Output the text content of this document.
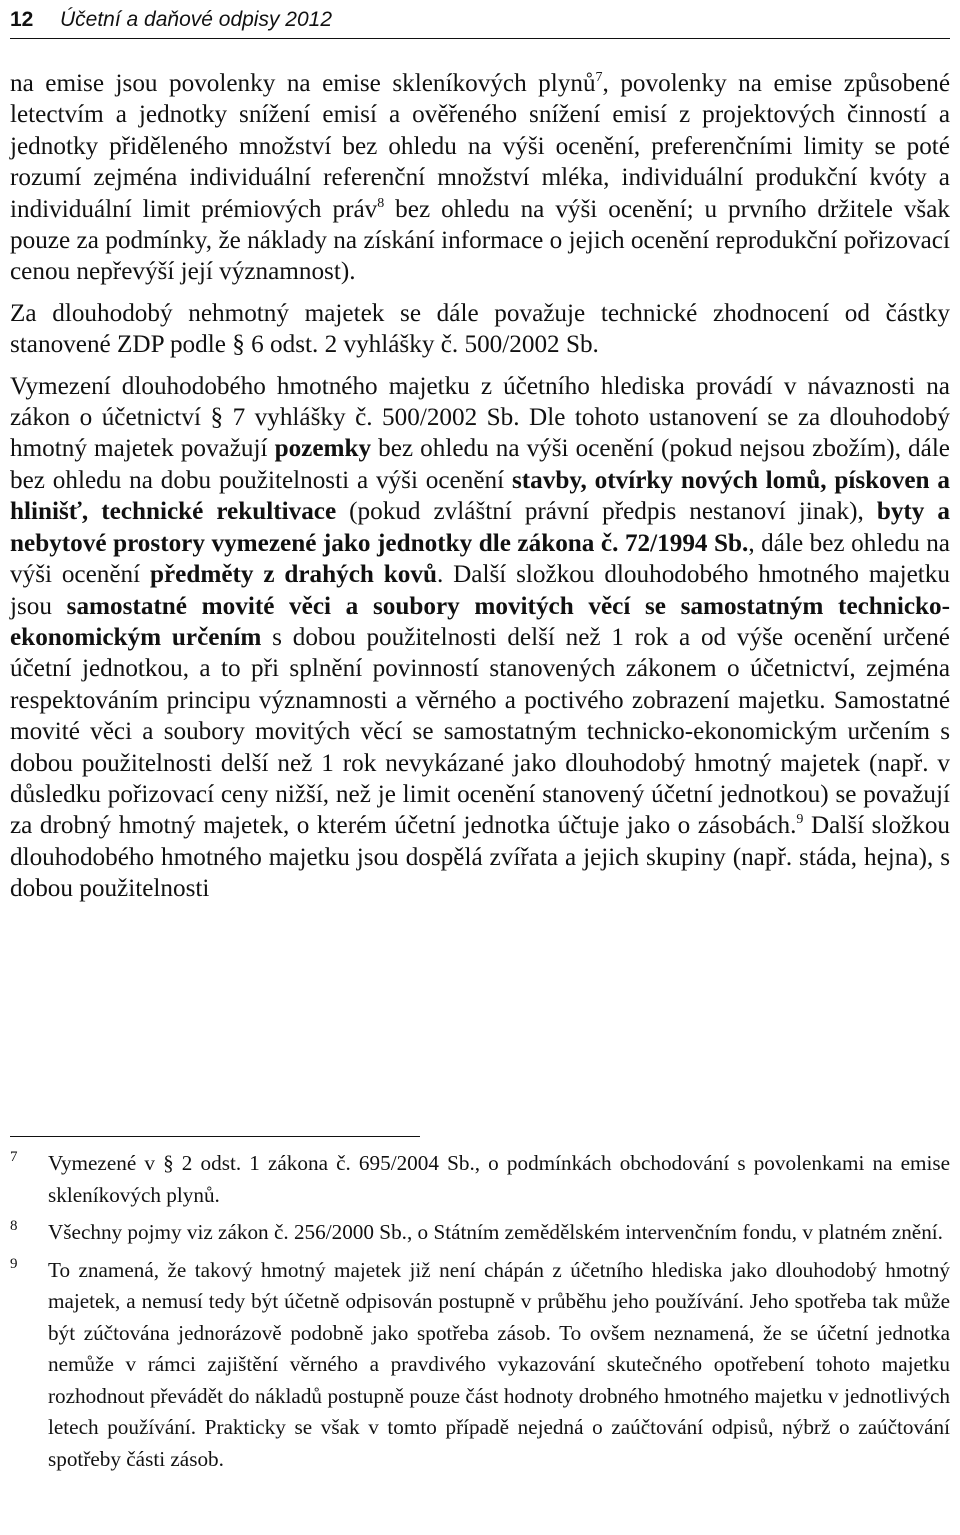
12 Účetní a daňové odpisy 2012

na emise jsou povolenky na emise skleníkových plynů$^7$, povolenky na emise způsobené letectvím a jednotky snížení emisí a ověřeného snížení emisí z projektových činností a jednotky přiděleného množství bez ohledu na výši ocenění, preferenčními limity se poté rozumí zejména individuální referenční množství mléka, individuální produkční kvóty a individuální limit prémiových práv$^8$ bez ohledu na výši ocenění; u prvního držitele však pouze za podmínky, že náklady na získání informace o jejich ocenění reprodukční pořizovací cenou nepřevýší její významnost).

Za dlouhodobý nehmotný majetek se dále považuje technické zhodnocení od částky stanovené ZDP podle § 6 odst. 2 vyhlášky č. 500/2002 Sb.

Vymezení dlouhodobého hmotného majetku z účetního hlediska provádí v návaznosti na zákon o účetnictví § 7 vyhlášky č. 500/2002 Sb. Dle tohoto ustanovení se za dlouhodobý hmotný majetek považují pozemky bez ohledu na výši ocenění (pokud nejsou zbožím), dále bez ohledu na dobu použitelnosti a výši ocenění stavby, otvírky nových lomů, pískoven a hlinišť, technické rekultivace (pokud zvláštní právní předpis nestanoví jinak), byty a nebytové prostory vymezené jako jednotky dle zákona č. 72/1994 Sb., dále bez ohledu na výši ocenění předměty z drahých kovů. Další složkou dlouhodobého hmotného majetku jsou samostatné movité věci a soubory movitých věcí se samostatným technicko-ekonomickým určením s dobou použitelnosti delší než 1 rok a od výše ocenění určené účetní jednotkou, a to při splnění povinností stanovených zákonem o účetnictví, zejména respektováním principu významnosti a věrného a poctivého zobrazení majetku. Samostatné movité věci a soubory movitých věcí se samostatným technicko-ekonomickým určením s dobou použitelnosti delší než 1 rok nevykázané jako dlouhodobý hmotný majetek (např. v důsledku pořizovací ceny nižší, než je limit ocenění stanovený účetní jednotkou) se považují za drobný hmotný majetek, o kterém účetní jednotka účtuje jako o zásobách.$^9$ Další složkou dlouhodobého hmotného majetku jsou dospělá zvířata a jejich skupiny (např. stáda, hejna), s dobou použitelnosti

7 Vymezené v § 2 odst. 1 zákona č. 695/2004 Sb., o podmínkách obchodování s povolenkami na emise skleníkových plynů.
8 Všechny pojmy viz zákon č. 256/2000 Sb., o Státním zemědělském intervenčním fondu, v platném znění.
9 To znamená, že takový hmotný majetek již není chápán z účetního hlediska jako dlouhodobý hmotný majetek, a nemusí tedy být účetně odpisován postupně v průběhu jeho používání. Jeho spotřeba tak může být zúčtována jednorázově podobně jako spotřeba zásob. To ovšem neznamená, že se účetní jednotka nemůže v rámci zajištění věrného a pravdivého vykazování skutečného opotřebení tohoto majetku rozhodnout převádět do nákladů postupně pouze část hodnoty drobného hmotného majetku v jednotlivých letech používání. Prakticky se však v tomto případě nejedná o zaúčtování odpisů, nýbrž o zaúčtování spotřeby části zásob.
